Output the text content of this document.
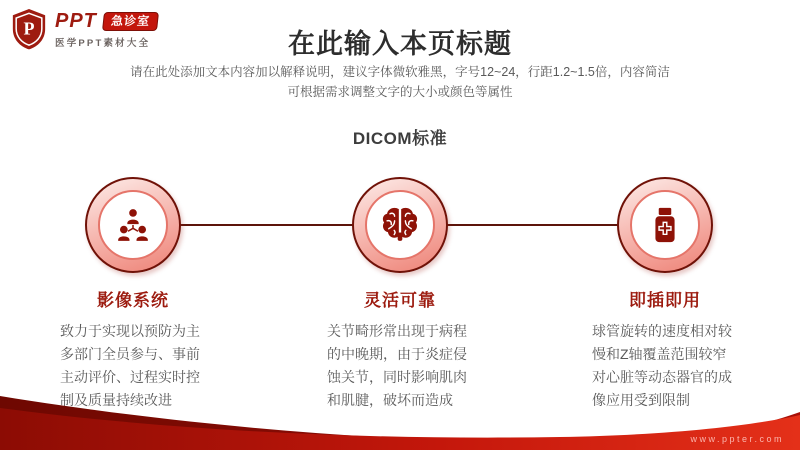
P PPT	急诊室
医学PPT素材大全	在此输入本页标题
请在此处添加文本内容加以解释说明，建议字体微软雅黑，字号12~24，行距1.2~1.5倍，内容简洁
可根据需求调整文字的大小或颜色等属性
DICOM标准
影像系统
致力于实现以预防为主多部门全员参与、事前主动评价、过程实时控制及质量持续改进
灵活可靠
关节畸形常出现于病程的中晚期，由于炎症侵蚀关节，同时影响肌肉和肌腱，破坏而造成
即插即用
球管旋转的速度相对较慢和Z轴覆盖范围较窄对心脏等动态器官的成像应用受到限制
www.ppter.com
